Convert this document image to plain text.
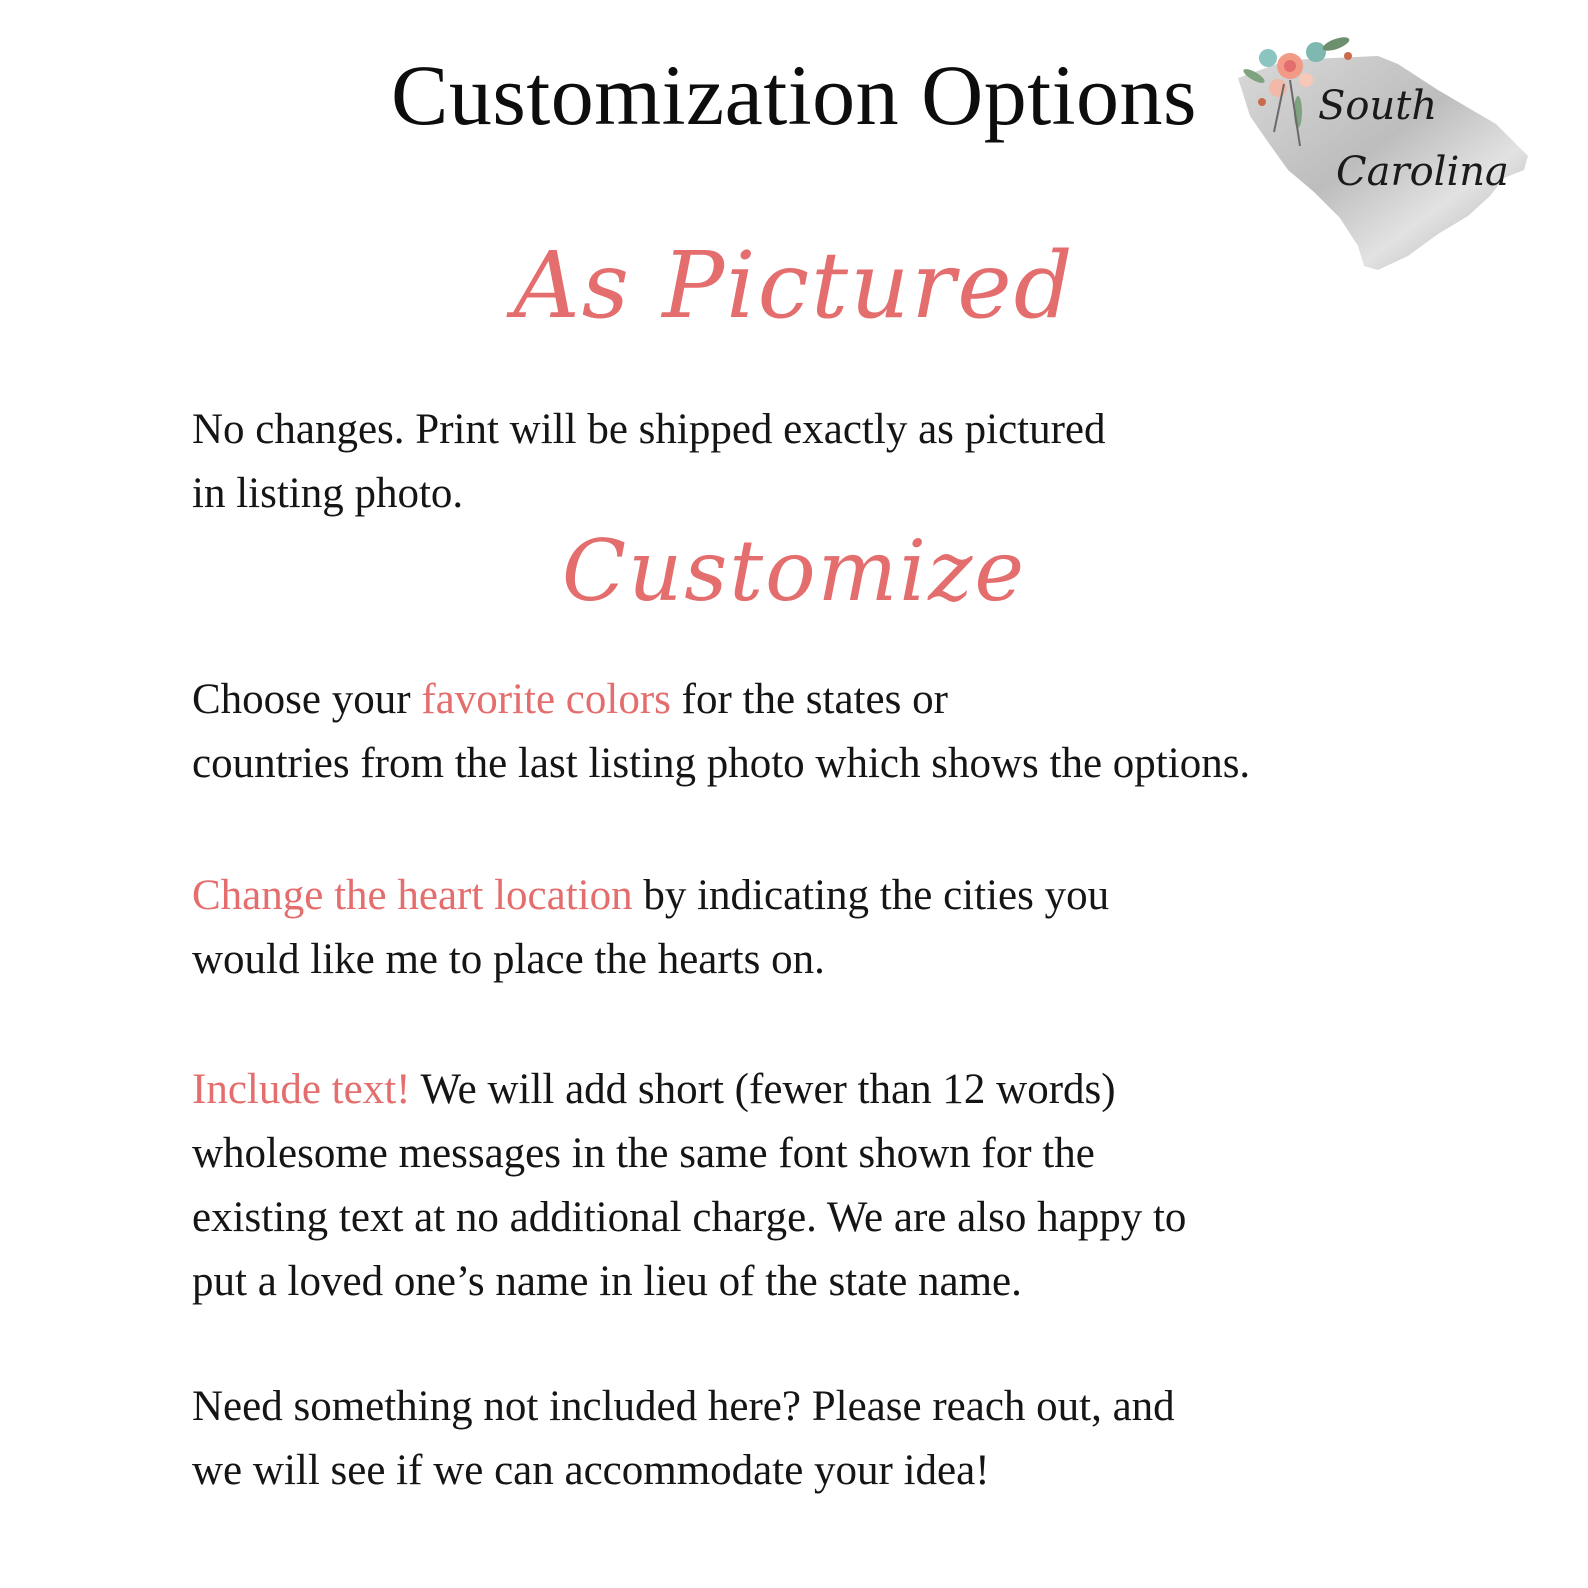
Customization Options	South
Carolina
As Pictured
No changes. Print will be shipped exactly as pictured
in listing photo.
Customize
Choose your favorite colors for the states or
countries from the last listing photo which shows the options.
Change the heart location by indicating the cities you
would like me to place the hearts on.
Include text! We will add short (fewer than 12 words)
wholesome messages in the same font shown for the
existing text at no additional charge. We are also happy to
put a loved one’s name in lieu of the state name.
Need something not included here? Please reach out, and
we will see if we can accommodate your idea!
